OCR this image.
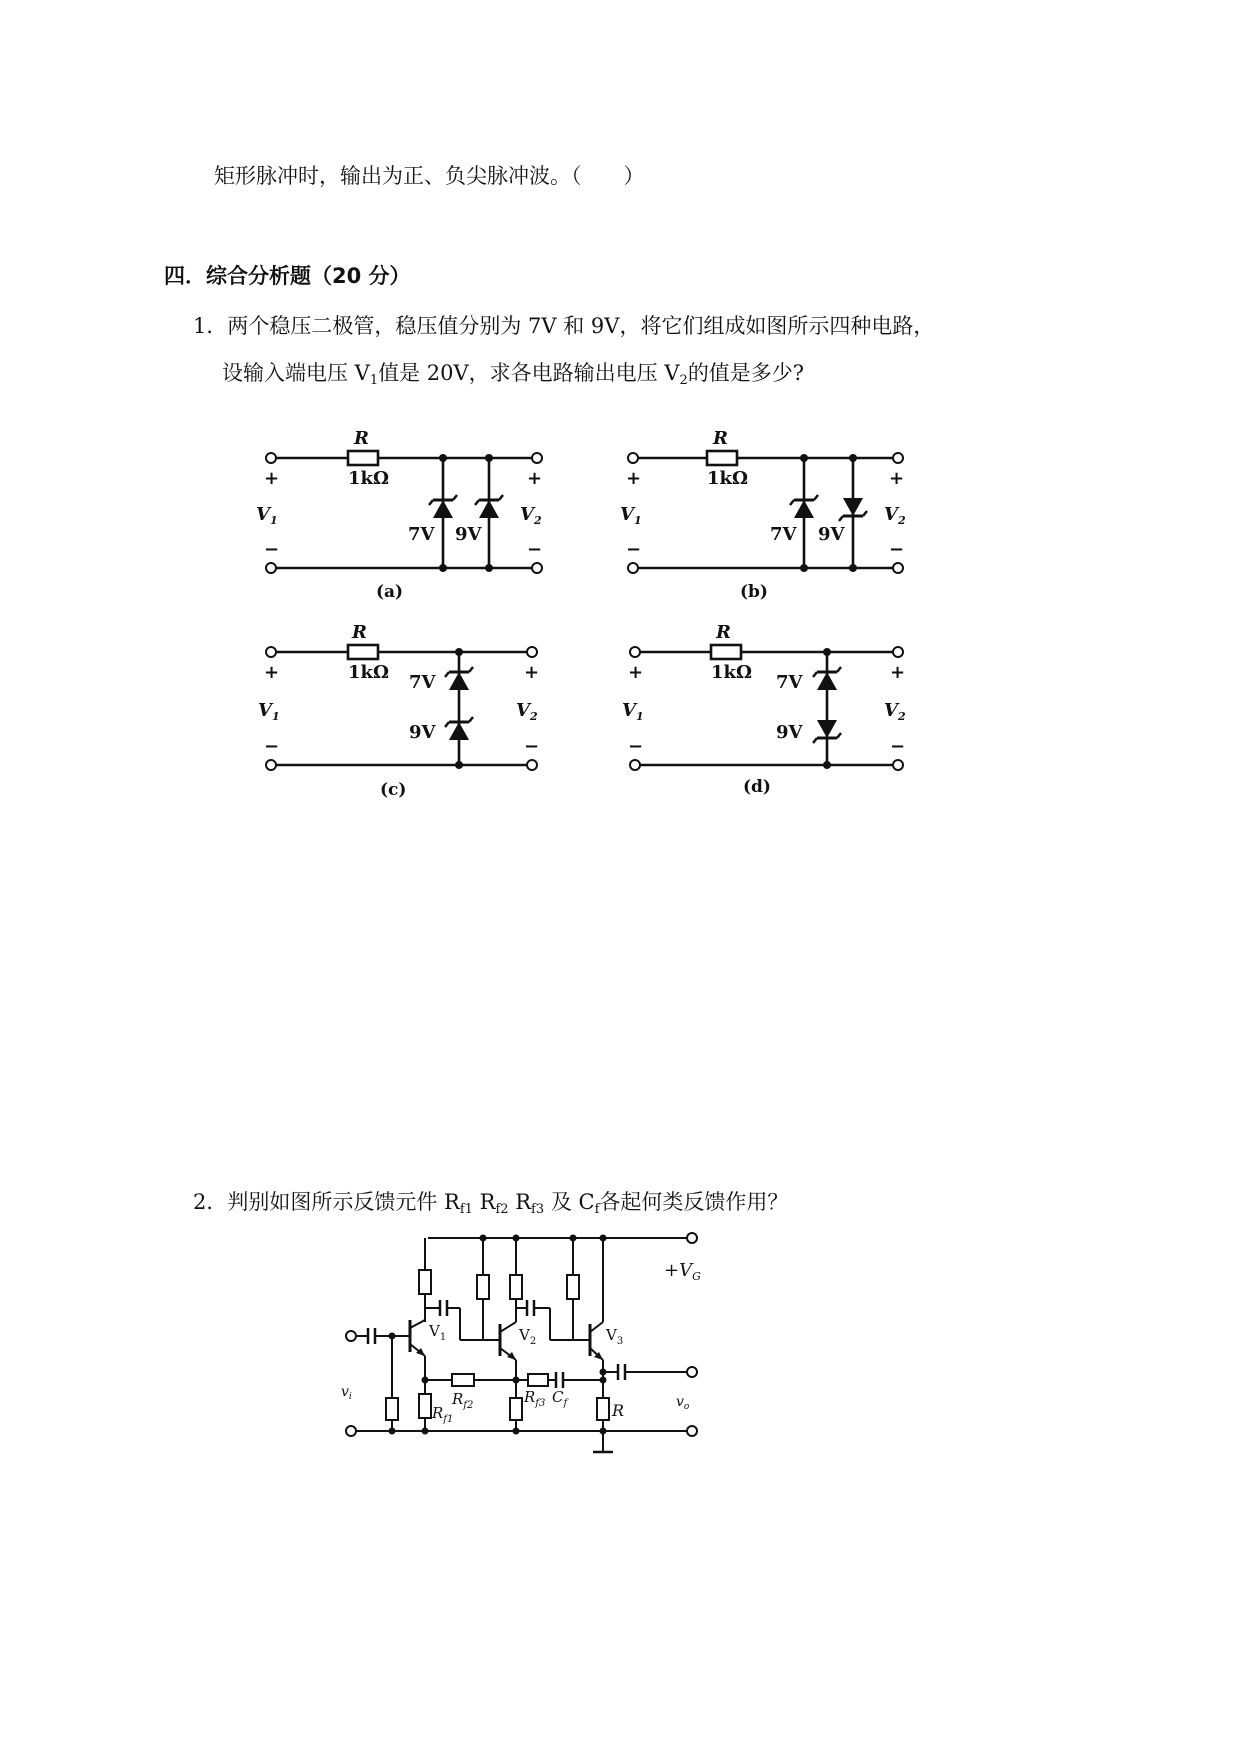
矩形脉冲时，输出为正、负尖脉冲波。（　　）
四．综合分析题（20 分）
1．两个稳压二极管，稳压值分别为 7V 和 9V，将它们组成如图所示四种电路，
设输入端电压 $V_1$值是 20V，求各电路输出电压 $V_2$的值是多少?
R
1kΩ
+
−
+
−
$V_1$	$V_2$
7V 9V
(a)
R
1kΩ
+
−
+
−
$V_1$	$V_2$
7V 9V
(b)
R
1kΩ
+
−
+
−
$V_1$	$V_2$
7V
9V
(c)
R
1kΩ
+
−
+
−
$V_1$	$V_2$
7V
9V
(d)
2．判别如图所示反馈元件 $R_{f1}$ $R_{f2}$ $R_{f3}$ 及 $C_f$各起何类反馈作用？
$+V_G$
$V_1$	$V_2$	$V_3$
$v_i$	$v_o$
$R_{f1}$
$R_{f2}$	$R_{f3}$ $C_f$	R
